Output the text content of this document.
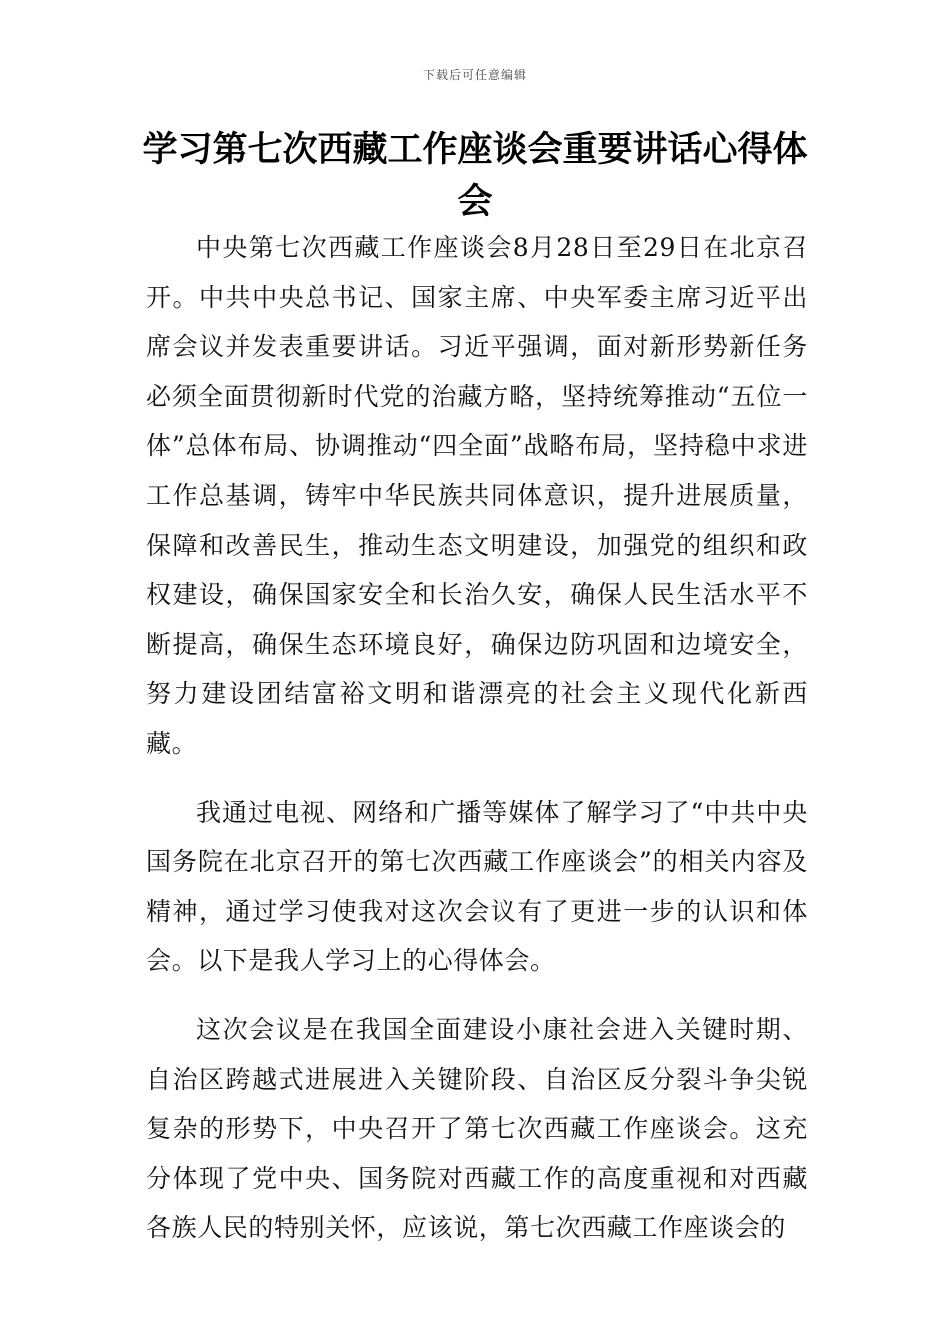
下载后可任意编辑
学习第七次西藏工作座谈会重要讲话心得体会

中央第七次西藏工作座谈会8月28日至29日在北京召开。中共中央总书记、国家主席、中央军委主席习近平出席会议并发表重要讲话。习近平强调，面对新形势新任务必须全面贯彻新时代党的治藏方略，坚持统筹推动“五位一体”总体布局、协调推动“四全面”战略布局，坚持稳中求进工作总基调，铸牢中华民族共同体意识，提升进展质量，保障和改善民生，推动生态文明建设，加强党的组织和政权建设，确保国家安全和长治久安，确保人民生活水平不断提高，确保生态环境良好，确保边防巩固和边境安全，努力建设团结富裕文明和谐漂亮的社会主义现代化新西藏。

我通过电视、网络和广播等媒体了解学习了“中共中央国务院在北京召开的第七次西藏工作座谈会”的相关内容及精神，通过学习使我对这次会议有了更进一步的认识和体会。以下是我人学习上的心得体会。

这次会议是在我国全面建设小康社会进入关键时期、自治区跨越式进展进入关键阶段、自治区反分裂斗争尖锐复杂的形势下，中央召开了第七次西藏工作座谈会。这充分体现了党中央、国务院对西藏工作的高度重视和对西藏各族人民的特别关怀，应该说，第七次西藏工作座谈会的
